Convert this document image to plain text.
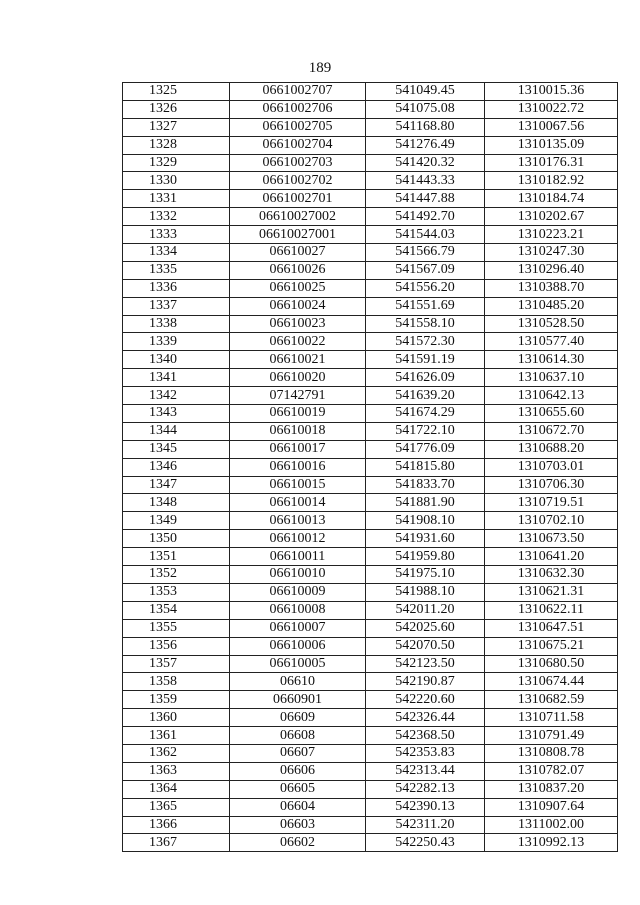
189
1325	0661002707	541049.45	1310015.36
1326	0661002706	541075.08	1310022.72
1327	0661002705	541168.80	1310067.56
1328	0661002704	541276.49	1310135.09
1329	0661002703	541420.32	1310176.31
1330	0661002702	541443.33	1310182.92
1331	0661002701	541447.88	1310184.74
1332	06610027002	541492.70	1310202.67
1333	06610027001	541544.03	1310223.21
1334	06610027	541566.79	1310247.30
1335	06610026	541567.09	1310296.40
1336	06610025	541556.20	1310388.70
1337	06610024	541551.69	1310485.20
1338	06610023	541558.10	1310528.50
1339	06610022	541572.30	1310577.40
1340	06610021	541591.19	1310614.30
1341	06610020	541626.09	1310637.10
1342	07142791	541639.20	1310642.13
1343	06610019	541674.29	1310655.60
1344	06610018	541722.10	1310672.70
1345	06610017	541776.09	1310688.20
1346	06610016	541815.80	1310703.01
1347	06610015	541833.70	1310706.30
1348	06610014	541881.90	1310719.51
1349	06610013	541908.10	1310702.10
1350	06610012	541931.60	1310673.50
1351	06610011	541959.80	1310641.20
1352	06610010	541975.10	1310632.30
1353	06610009	541988.10	1310621.31
1354	06610008	542011.20	1310622.11
1355	06610007	542025.60	1310647.51
1356	06610006	542070.50	1310675.21
1357	06610005	542123.50	1310680.50
1358	06610	542190.87	1310674.44
1359	0660901	542220.60	1310682.59
1360	06609	542326.44	1310711.58
1361	06608	542368.50	1310791.49
1362	06607	542353.83	1310808.78
1363	06606	542313.44	1310782.07
1364	06605	542282.13	1310837.20
1365	06604	542390.13	1310907.64
1366	06603	542311.20	1311002.00
1367	06602	542250.43	1310992.13
